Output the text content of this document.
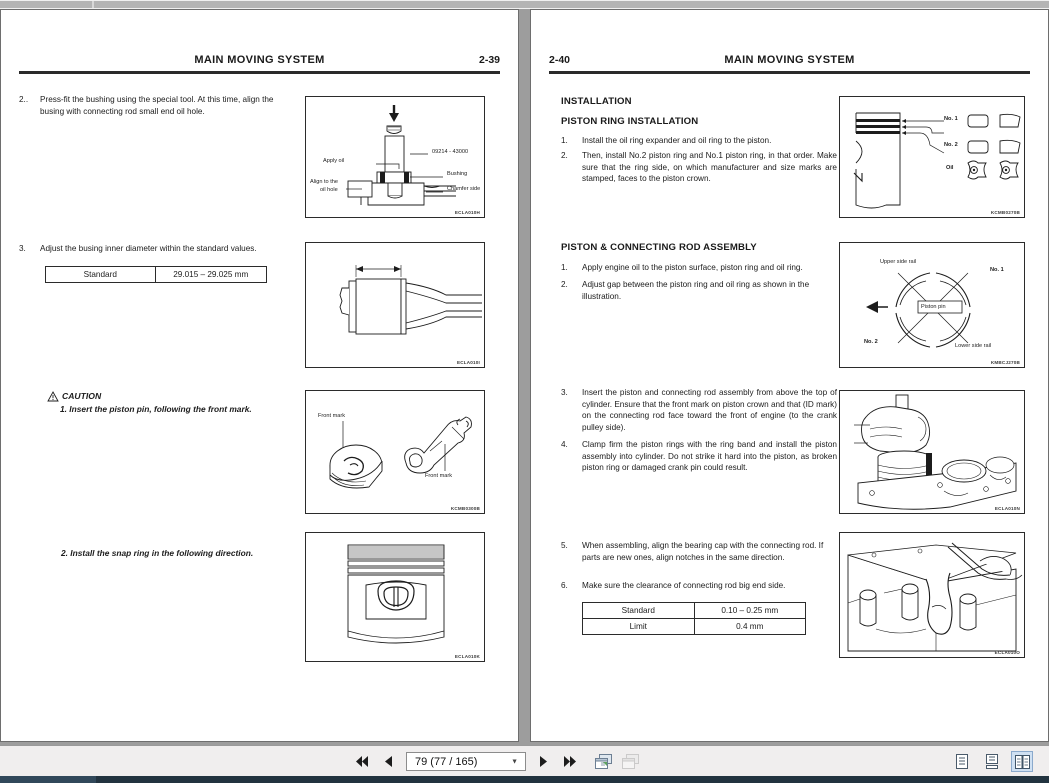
MAIN MOVING SYSTEM	2-39
2..	Press-fit the bushing using the special tool. At this time, align the busing with connecting rod small end oil hole.
09214 - 43000
Apply oil
Bushing
Align to the
oil hole	Chamfer side
ECLA010H
3.	Adjust the busing inner diameter within the standard values.
Standard	29.015 – 29.025 mm
ECLA010I
CAUTION
1. Insert the piston pin, following the front mark.
Front mark
Front mark
KCMB0300B
2. Install the snap ring in the following direction.
ECLA010K
MAIN MOVING SYSTEM
2-40
INSTALLATION
PISTON RING INSTALLATION
1.	Install the oil ring expander and oil ring to the piston.
2.	Then, install No.2 piston ring and No.1 piston ring, in that order. Make sure that the ring side, on which manufacturer and size marks are stamped, faces to the piston crown.
No. 1
No. 2
Oil
KCMB0270B
PISTON & CONNECTING ROD ASSEMBLY
1.	Apply engine oil to the piston surface, piston ring and oil ring.
2.	Adjust gap between the piston ring and oil ring as shown in the illustration.
Upper side rail
No. 1
Piston pin
No. 2
Lower side rail
KMBCJ270B
3.	Insert the piston and connecting rod assembly from above the top of cylinder. Ensure that the front mark on piston crown and that (ID mark) on the connecting rod face toward the front of engine (to the crank pulley side).
4.	Clamp firm the piston rings with the ring band and install the piston assembly into cylinder. Do not strike it hard into the piston, as broken piston ring or damaged crank pin could result.
ECLA010N
5.	When assembling, align the bearing cap with the connecting rod. If parts are new ones, align notches in the same direction.
6.	Make sure the clearance of connecting rod big end side.
Standard	0.10 – 0.25 mm
Limit	0.4 mm
ECLA010O
79 (77 / 165)	▼
